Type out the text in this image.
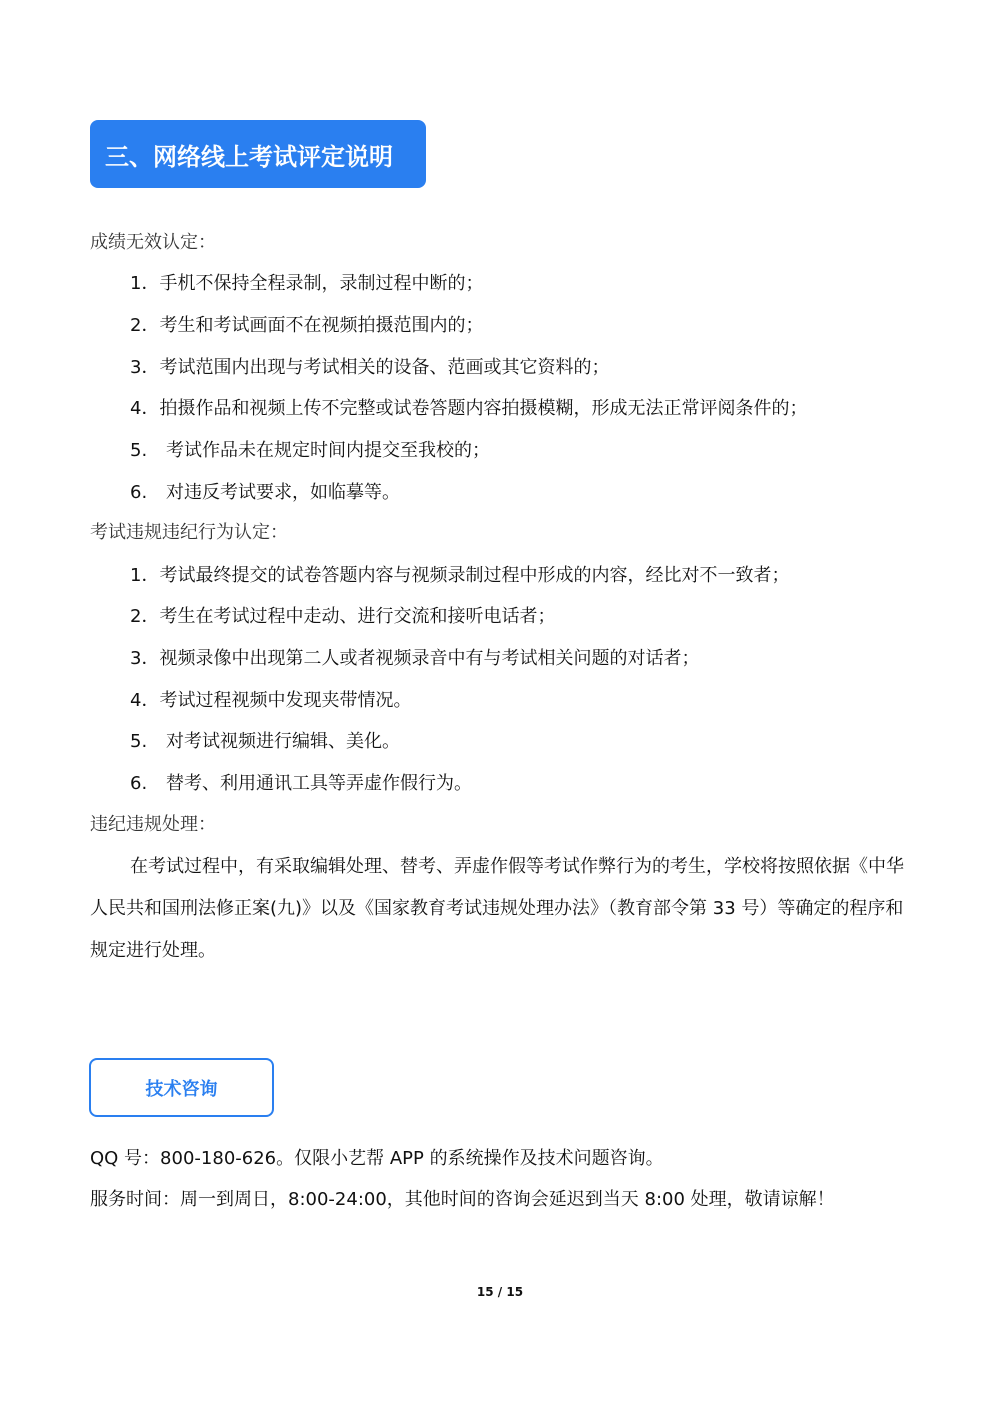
三、网络线上考试评定说明
成绩无效认定：
1．手机不保持全程录制，录制过程中断的；
2．考生和考试画面不在视频拍摄范围内的；
3．考试范围内出现与考试相关的设备、范画或其它资料的；
4．拍摄作品和视频上传不完整或试卷答题内容拍摄模糊，形成无法正常评阅条件的；
5. 考试作品未在规定时间内提交至我校的；
6. 对违反考试要求，如临摹等。
考试违规违纪行为认定：
1．考试最终提交的试卷答题内容与视频录制过程中形成的内容，经比对不一致者；
2．考生在考试过程中走动、进行交流和接听电话者；
3．视频录像中出现第二人或者视频录音中有与考试相关问题的对话者；
4．考试过程视频中发现夹带情况。
5. 对考试视频进行编辑、美化。
6. 替考、利用通讯工具等弄虚作假行为。
违纪违规处理：

在考试过程中，有采取编辑处理、替考、弄虚作假等考试作弊行为的考生，学校将按照依据《中华人民共和国刑法修正案(九)》以及《国家教育考试违规处理办法》（教育部令第 33 号）等确定的程序和规定进行处理。

技术咨询
QQ 号：800-180-626。仅限小艺帮 APP 的系统操作及技术问题咨询。
服务时间：周一到周日，8:00-24:00，其他时间的咨询会延迟到当天 8:00 处理，敬请谅解！
15 / 15
